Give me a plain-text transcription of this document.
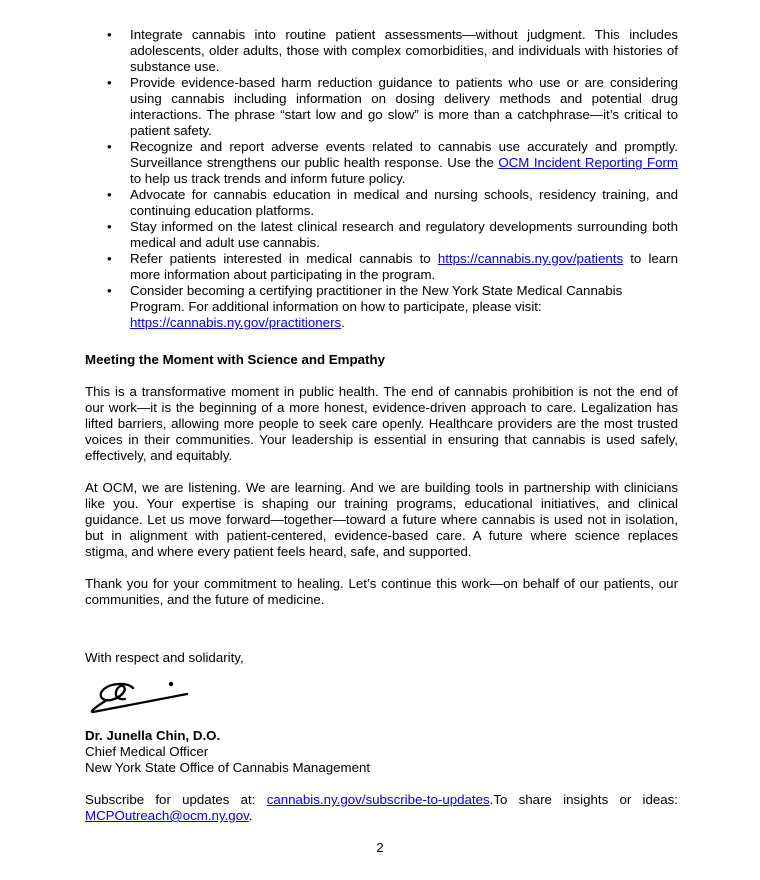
•	Integrate cannabis into routine patient assessments—without judgment. This includes adolescents, older adults, those with complex comorbidities, and individuals with histories of substance use.
•	Provide evidence-based harm reduction guidance to patients who use or are considering using cannabis including information on dosing delivery methods and potential drug interactions. The phrase “start low and go slow” is more than a catchphrase—it’s critical to patient safety.
•	Recognize and report adverse events related to cannabis use accurately and promptly. Surveillance strengthens our public health response. Use the OCM Incident Reporting Form to help us track trends and inform future policy.
•	Advocate for cannabis education in medical and nursing schools, residency training, and continuing education platforms.
•	Stay informed on the latest clinical research and regulatory developments surrounding both medical and adult use cannabis.
•	Refer patients interested in medical cannabis to https://cannabis.ny.gov/patients to learn more information about participating in the program.
•	Consider becoming a certifying practitioner in the New York State Medical Cannabis Program. For additional information on how to participate, please visit:
https://cannabis.ny.gov/practitioners.
Meeting the Moment with Science and Empathy
This is a transformative moment in public health. The end of cannabis prohibition is not the end of our work—it is the beginning of a more honest, evidence-driven approach to care. Legalization has lifted barriers, allowing more people to seek care openly. Healthcare providers are the most trusted voices in their communities. Your leadership is essential in ensuring that cannabis is used safely, effectively, and equitably.
At OCM, we are listening. We are learning. And we are building tools in partnership with clinicians like you. Your expertise is shaping our training programs, educational initiatives, and clinical guidance. Let us move forward—together—toward a future where cannabis is used not in isolation, but in alignment with patient-centered, evidence-based care. A future where science replaces stigma, and where every patient feels heard, safe, and supported.
Thank you for your commitment to healing. Let’s continue this work—on behalf of our patients, our communities, and the future of medicine.
With respect and solidarity,
Dr. Junella Chin, D.O.
Chief Medical Officer
New York State Office of Cannabis Management
Subscribe for updates at: cannabis.ny.gov/subscribe-to-updates.To share insights or ideas: MCPOutreach@ocm.ny.gov.
2
